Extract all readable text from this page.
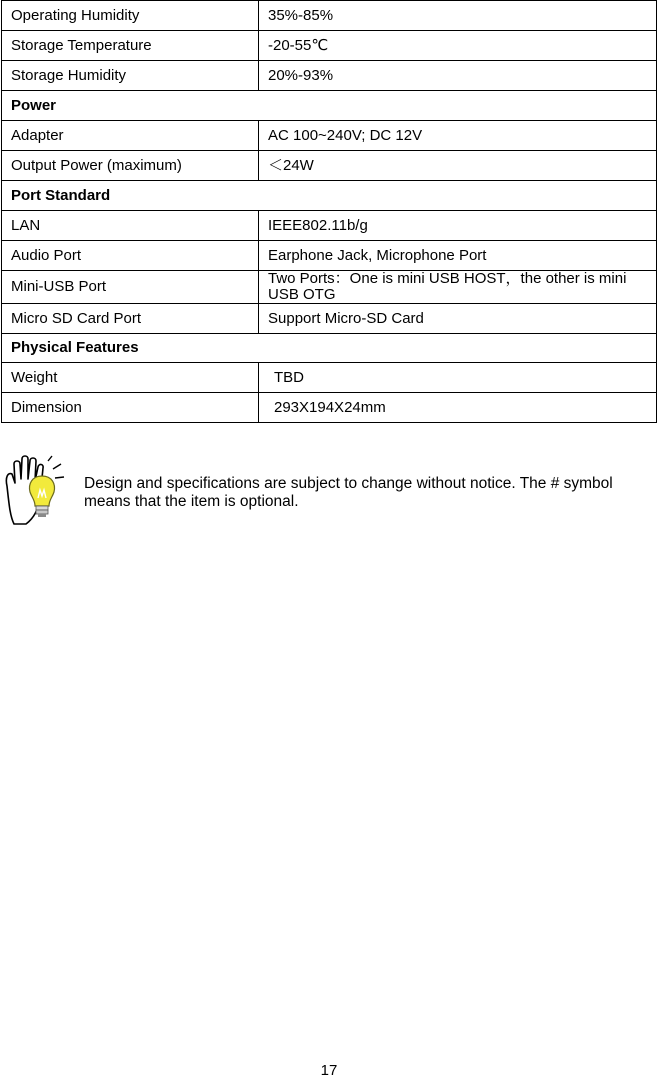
Operating Humidity	35%-85%
Storage Temperature	-20-55℃
Storage Humidity	20%-93%
Power	
Adapter	AC 100~240V; DC 12V
Output Power (maximum)	＜24W
Port Standard	
LAN	IEEE802.11b/g
Audio Port	Earphone Jack, Microphone Port
Mini-USB Port	Two Ports：One is mini USB HOST，the other is mini USB OTG
Micro SD Card Port	Support Micro-SD Card
Physical Features	
Weight	TBD
Dimension	293X194X24mm
Design and specifications are subject to change without notice. The # symbol means that the item is optional.
17
